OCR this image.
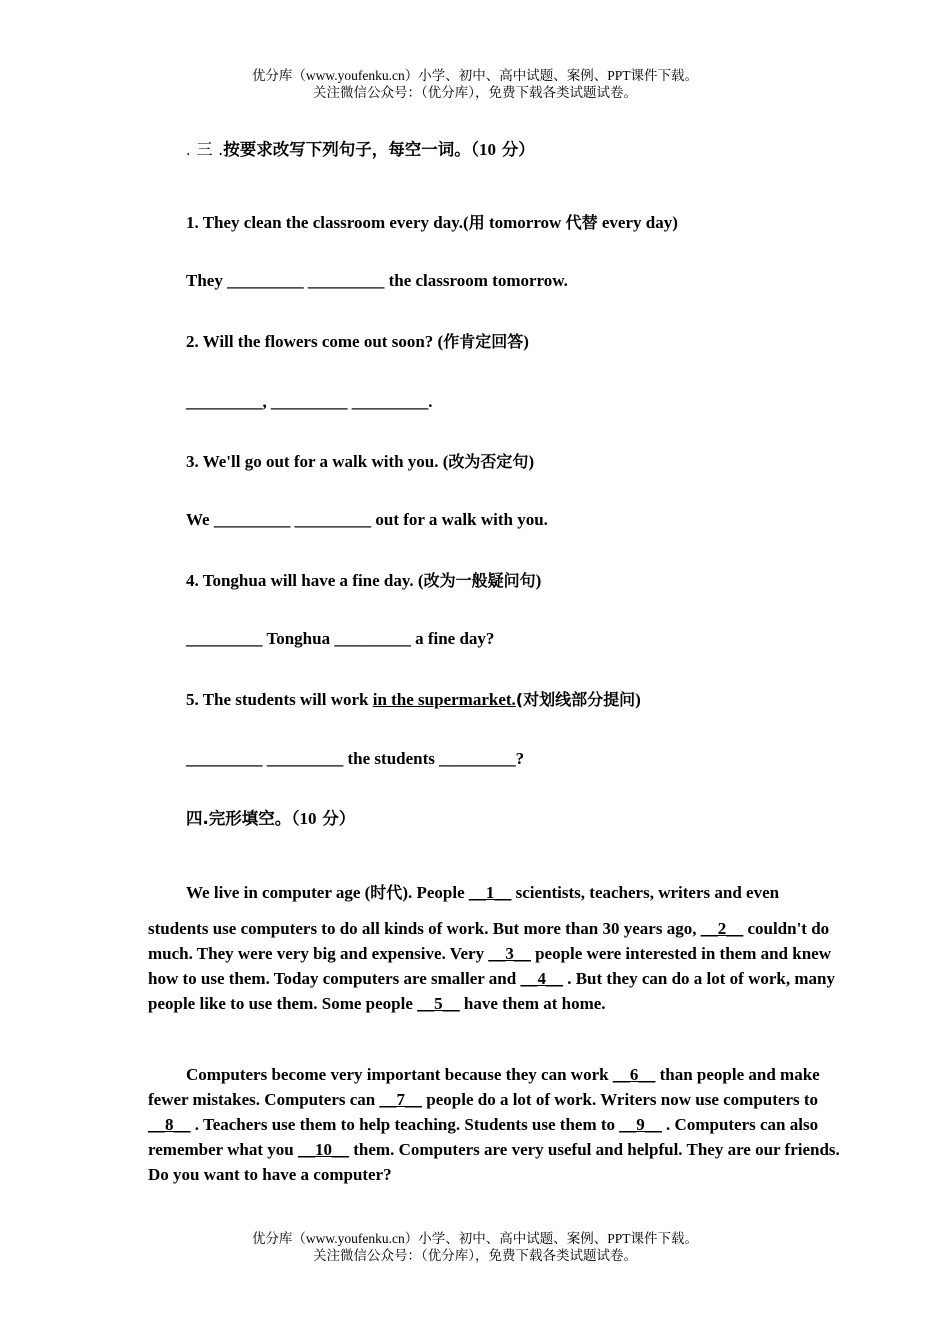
优分库（www.youfenku.cn）小学、初中、高中试题、案例、PPT课件下载。
关注微信公众号：（优分库），免费下载各类试题试卷。
. 三 .按要求改写下列句子，每空一词。（10 分）
1. They clean the classroom every day.(用 tomorrow 代替 every day)
They _________ _________ the classroom tomorrow.
2. Will the flowers come out soon? (作肯定回答)
_________, _________ _________.
3. We'll go out for a walk with you. (改为否定句)
We _________ _________ out for a walk with you.
4. Tonghua will have a fine day. (改为一般疑问句)
_________ Tonghua _________ a fine day?
5. The students will work in the supermarket.(对划线部分提问)
_________ _________ the students _________?
四.完形填空。（10 分）
We live in computer age (时代). People __1__ scientists, teachers, writers and even
students use computers to do all kinds of work. But more than 30 years ago, __2__ couldn't do much. They were very big and expensive. Very __3__ people were interested in them and knew how to use them. Today computers are smaller and __4__ . But they can do a lot of work, many people like to use them. Some people __5__ have them at home.
Computers become very important because they can work __6__ than people and make fewer mistakes. Computers can __7__ people do a lot of work. Writers now use computers to __8__ . Teachers use them to help teaching. Students use them to __9__ . Computers can also remember what you __10__ them. Computers are very useful and helpful. They are our friends. Do you want to have a computer?
优分库（www.youfenku.cn）小学、初中、高中试题、案例、PPT课件下载。
关注微信公众号：（优分库），免费下载各类试题试卷。
